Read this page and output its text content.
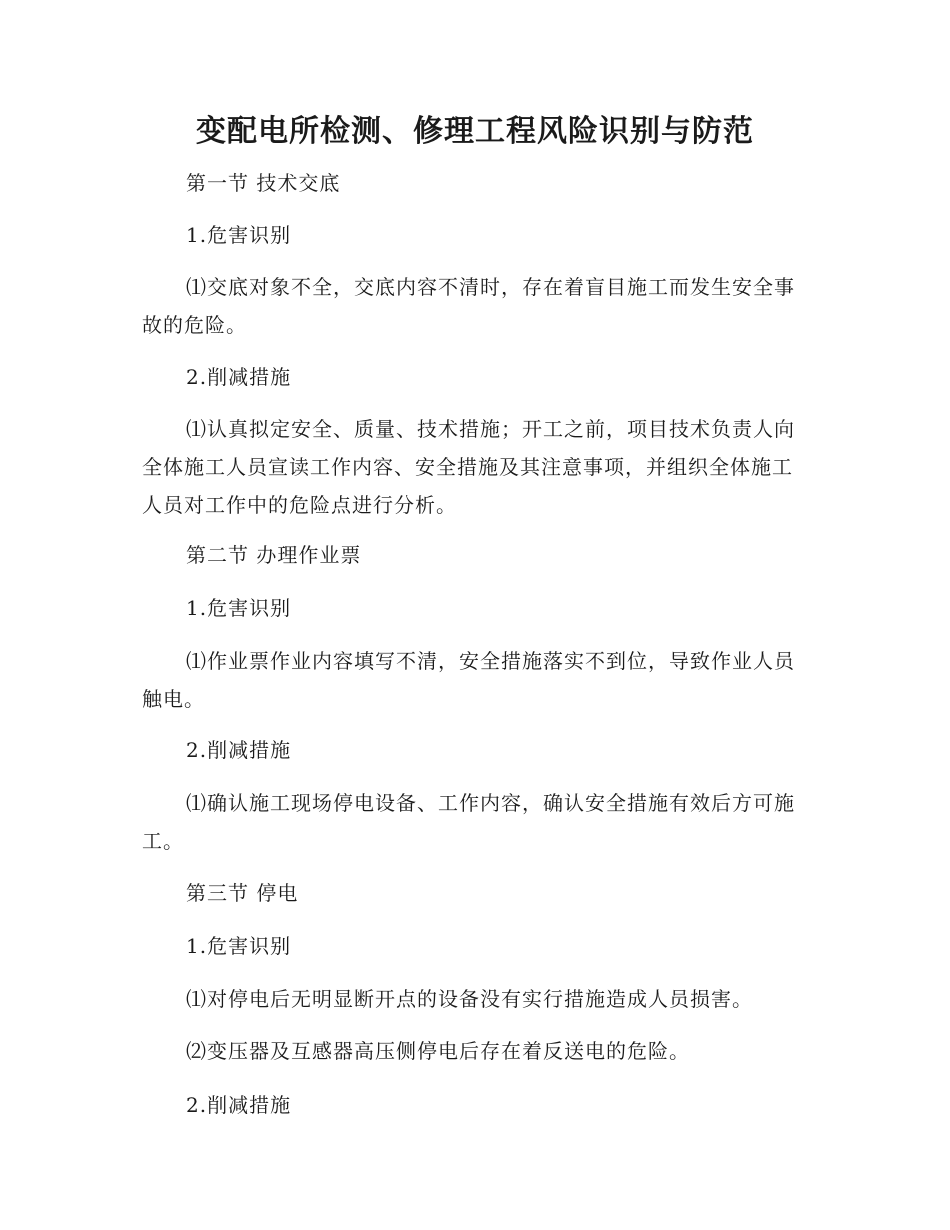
变配电所检测、修理工程风险识别与防范
第一节 技术交底
1.危害识别
⑴交底对象不全，交底内容不清时，存在着盲目施工而发生安全事故的危险。
2.削减措施
⑴认真拟定安全、质量、技术措施；开工之前，项目技术负责人向全体施工人员宣读工作内容、安全措施及其注意事项，并组织全体施工人员对工作中的危险点进行分析。
第二节 办理作业票
1.危害识别
⑴作业票作业内容填写不清，安全措施落实不到位，导致作业人员触电。
2.削减措施
⑴确认施工现场停电设备、工作内容，确认安全措施有效后方可施工。
第三节 停电
1.危害识别
⑴对停电后无明显断开点的设备没有实行措施造成人员损害。
⑵变压器及互感器高压侧停电后存在着反送电的危险。
2.削减措施
